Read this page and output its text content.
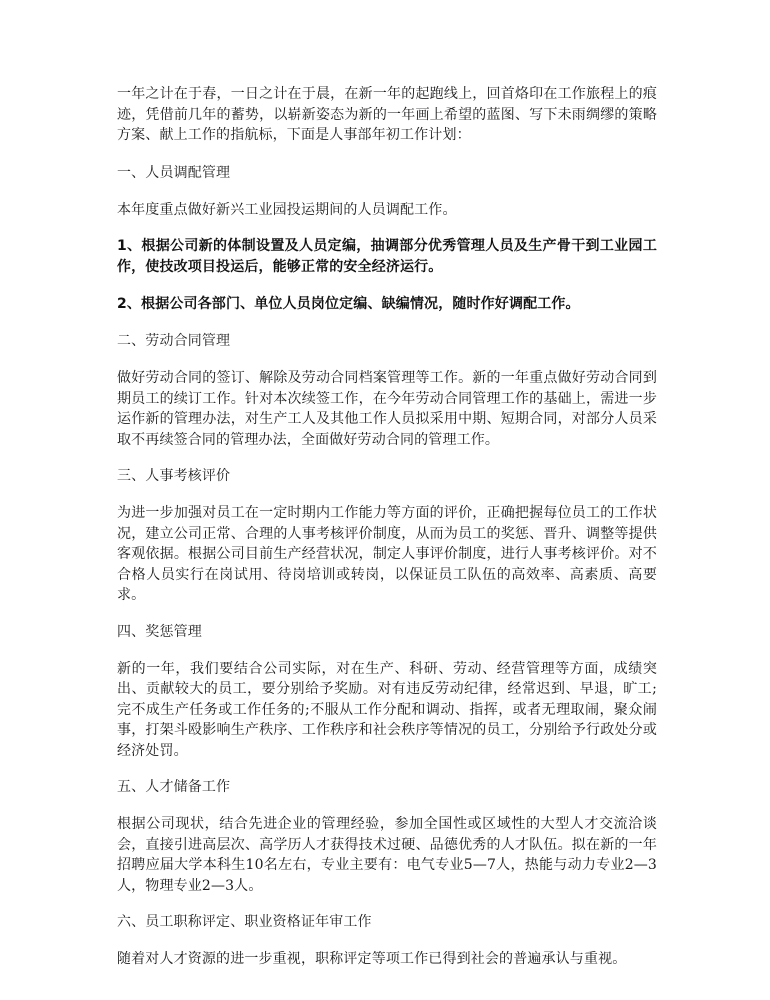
一年之计在于春，一日之计在于晨，在新一年的起跑线上，回首烙印在工作旅程上的痕迹，凭借前几年的蓄势，以崭新姿态为新的一年画上希望的蓝图、写下未雨绸缪的策略方案、献上工作的指航标，下面是人事部年初工作计划：

一、人员调配管理

本年度重点做好新兴工业园投运期间的人员调配工作。

1、根据公司新的体制设置及人员定编，抽调部分优秀管理人员及生产骨干到工业园工作，使技改项目投运后，能够正常的安全经济运行。

2、根据公司各部门、单位人员岗位定编、缺编情况，随时作好调配工作。

二、劳动合同管理

做好劳动合同的签订、解除及劳动合同档案管理等工作。新的一年重点做好劳动合同到期员工的续订工作。针对本次续签工作，在今年劳动合同管理工作的基础上，需进一步运作新的管理办法，对生产工人及其他工作人员拟采用中期、短期合同，对部分人员采取不再续签合同的管理办法，全面做好劳动合同的管理工作。

三、人事考核评价

为进一步加强对员工在一定时期内工作能力等方面的评价，正确把握每位员工的工作状况，建立公司正常、合理的人事考核评价制度，从而为员工的奖惩、晋升、调整等提供客观依据。根据公司目前生产经营状况，制定人事评价制度，进行人事考核评价。对不合格人员实行在岗试用、待岗培训或转岗，以保证员工队伍的高效率、高素质、高要求。

四、奖惩管理

新的一年，我们要结合公司实际，对在生产、科研、劳动、经营管理等方面，成绩突出、贡献较大的员工，要分别给予奖励。对有违反劳动纪律，经常迟到、早退，旷工;完不成生产任务或工作任务的;不服从工作分配和调动、指挥，或者无理取闹，聚众闹事，打架斗殴影响生产秩序、工作秩序和社会秩序等情况的员工，分别给予行政处分或经济处罚。

五、人才储备工作

根据公司现状，结合先进企业的管理经验，参加全国性或区域性的大型人才交流洽谈会，直接引进高层次、高学历人才获得技术过硬、品德优秀的人才队伍。拟在新的一年招聘应届大学本科生10名左右，专业主要有：电气专业5—7人，热能与动力专业2—3人，物理专业2—3人。

六、员工职称评定、职业资格证年审工作

随着对人才资源的进一步重视，职称评定等项工作已得到社会的普遍承认与重视。
